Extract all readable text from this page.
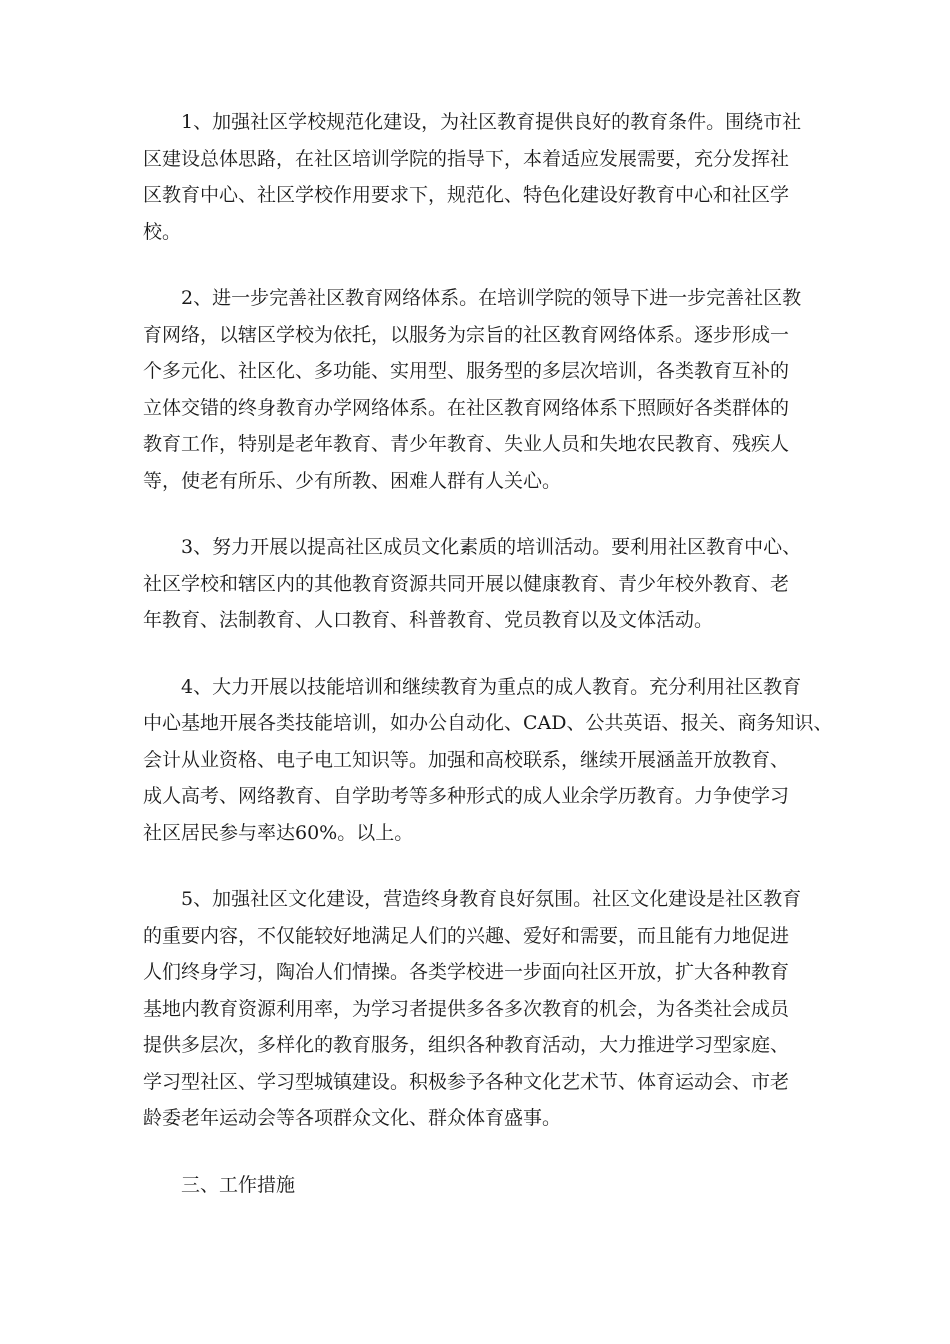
1、加强社区学校规范化建设，为社区教育提供良好的教育条件。围绕市社
区建设总体思路，在社区培训学院的指导下，本着适应发展需要，充分发挥社
区教育中心、社区学校作用要求下，规范化、特色化建设好教育中心和社区学
校。
2、进一步完善社区教育网络体系。在培训学院的领导下进一步完善社区教
育网络，以辖区学校为依托，以服务为宗旨的社区教育网络体系。逐步形成一
个多元化、社区化、多功能、实用型、服务型的多层次培训，各类教育互补的
立体交错的终身教育办学网络体系。在社区教育网络体系下照顾好各类群体的
教育工作，特别是老年教育、青少年教育、失业人员和失地农民教育、残疾人
等，使老有所乐、少有所教、困难人群有人关心。
3、努力开展以提高社区成员文化素质的培训活动。要利用社区教育中心、
社区学校和辖区内的其他教育资源共同开展以健康教育、青少年校外教育、老
年教育、法制教育、人口教育、科普教育、党员教育以及文体活动。
4、大力开展以技能培训和继续教育为重点的成人教育。充分利用社区教育
中心基地开展各类技能培训，如办公自动化、CAD、公共英语、报关、商务知识、
会计从业资格、电子电工知识等。加强和高校联系，继续开展涵盖开放教育、
成人高考、网络教育、自学助考等多种形式的成人业余学历教育。力争使学习
社区居民参与率达60%。以上。
5、加强社区文化建设，营造终身教育良好氛围。社区文化建设是社区教育
的重要内容，不仅能较好地满足人们的兴趣、爱好和需要，而且能有力地促进
人们终身学习，陶冶人们情操。各类学校进一步面向社区开放，扩大各种教育
基地内教育资源利用率，为学习者提供多各多次教育的机会，为各类社会成员
提供多层次，多样化的教育服务，组织各种教育活动，大力推进学习型家庭、
学习型社区、学习型城镇建设。积极参予各种文化艺术节、体育运动会、市老
龄委老年运动会等各项群众文化、群众体育盛事。
三、工作措施
